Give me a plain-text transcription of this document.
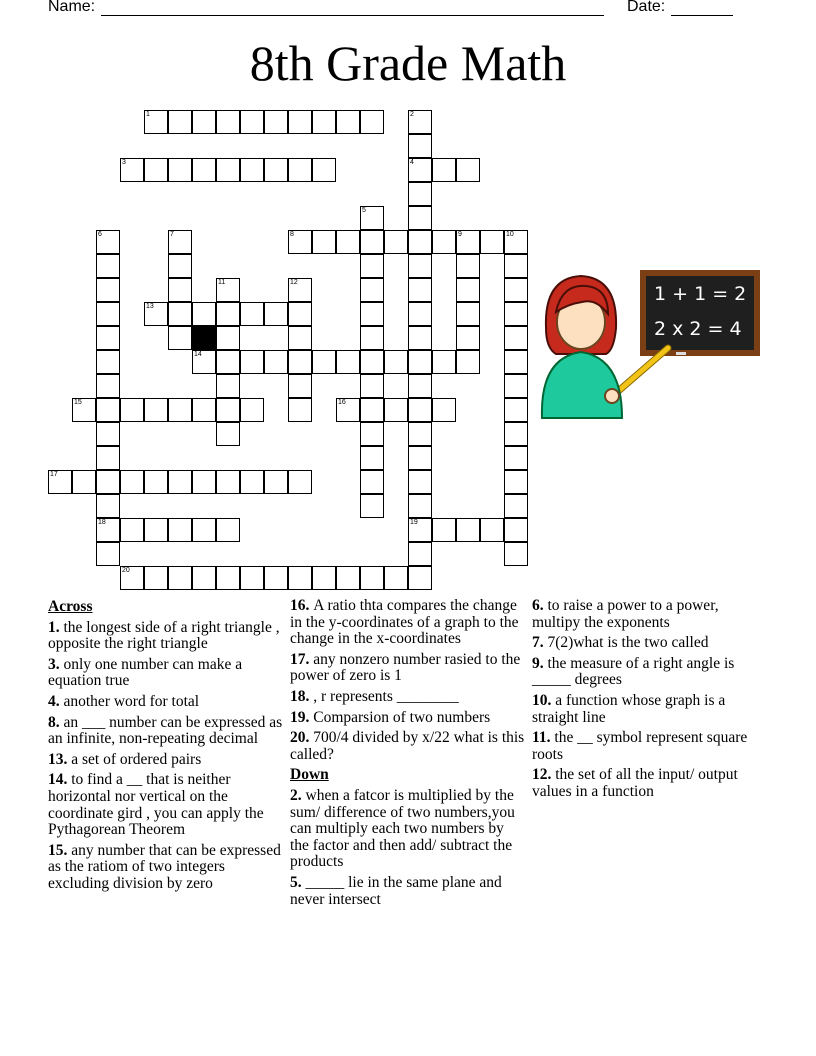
Name:	Date:
8th Grade Math
1
3	4
8	9
13
14
15	16
17
18	19
20
2
5
6	7	10
11	12
1 + 1 = 2
2 x 2 = 4
Across
1. the longest side of a right triangle , opposite the right triangle
3. only one number can make a equation true
4. another word for total
8. an ___ number can be expressed as an infinite, non-repeating decimal
13. a set of ordered pairs
14. to find a __ that is neither horizontal nor vertical on the coordinate gird , you can apply the Pythagorean Theorem
15. any number that can be expressed as the ratiom of two integers excluding division by zero
16. A ratio thta compares the change in the y-coordinates of a graph to the change in the x-coordinates
17. any nonzero number rasied to the power of zero is 1
18. , r represents ________
19. Comparsion of two numbers
20. 700/4 divided by x/22 what is this called?
Down
2. when a fatcor is multiplied by the sum/ difference of two numbers,you can multiply each two numbers by the factor and then add/ subtract the products
5. _____ lie in the same plane and never intersect
6. to raise a power to a power, multipy the exponents
7. 7(2)what is the two called
9. the measure of a right angle is _____ degrees
10. a function whose graph is a straight line
11. the __ symbol represent square roots
12. the set of all the input/ output values in a function
